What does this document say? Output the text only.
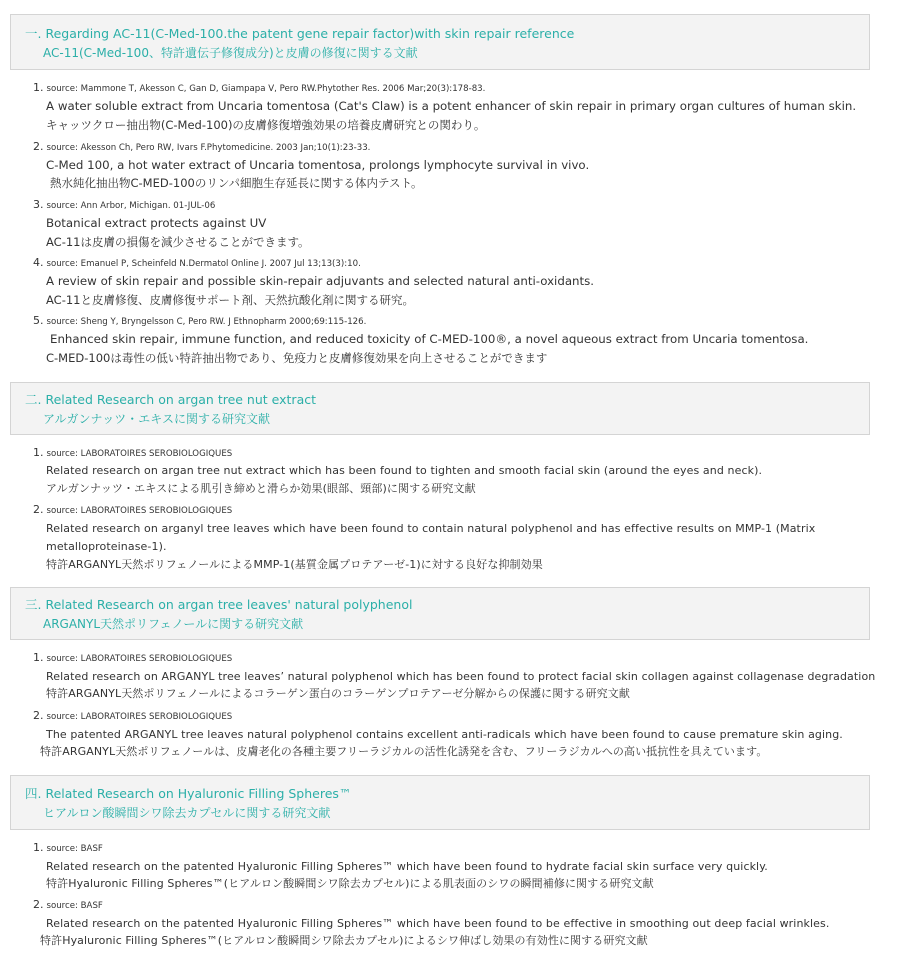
一. Regarding AC-11(C-Med-100.the patent gene repair factor)with skin repair reference
AC-11(C-Med-100、特許遺伝子修復成分)と皮膚の修復に関する文献
1. source: Mammone T, Akesson C, Gan D, Giampapa V, Pero RW.Phytother Res. 2006 Mar;20(3):178-83.
A water soluble extract from Uncaria tomentosa (Cat's Claw) is a potent enhancer of skin repair in primary organ cultures of human skin.
キャッツクロー抽出物(C-Med-100)の皮膚修復増強効果の培養皮膚研究との関わり。
2. source: Akesson Ch, Pero RW, Ivars F.Phytomedicine. 2003 Jan;10(1):23-33.
C-Med 100, a hot water extract of Uncaria tomentosa, prolongs lymphocyte survival in vivo.
熱水純化抽出物C-MED-100のリンパ細胞生存延長に関する体内テスト。
3. source: Ann Arbor, Michigan. 01-JUL-06
Botanical extract protects against UV
AC-11は皮膚の損傷を減少させることができます。
4. source: Emanuel P, Scheinfeld N.Dermatol Online J. 2007 Jul 13;13(3):10.
A review of skin repair and possible skin-repair adjuvants and selected natural anti-oxidants.
AC-11と皮膚修復、皮膚修復サポート剤、天然抗酸化剤に関する研究。
5. source: Sheng Y, Bryngelsson C, Pero RW. J Ethnopharm 2000;69:115-126.
Enhanced skin repair, immune function, and reduced toxicity of C-MED-100®, a novel aqueous extract from Uncaria tomentosa.
C-MED-100は毒性の低い特許抽出物であり、免疫力と皮膚修復効果を向上させることができます
二. Related Research on argan tree nut extract
アルガンナッツ・エキスに関する研究文献
1. source: LABORATOIRES SEROBIOLOGIQUES
Related research on argan tree nut extract which has been found to tighten and smooth facial skin (around the eyes and neck).
アルガンナッツ・エキスによる肌引き締めと滑らか効果(眼部、頸部)に関する研究文献
2. source: LABORATOIRES SEROBIOLOGIQUES
Related research on arganyl tree leaves which have been found to contain natural polyphenol and has effective results on MMP-1 (Matrix
metalloproteinase-1).
特許ARGANYL天然ポリフェノールによるMMP-1(基質金属プロテアーゼ-1)に対する良好な抑制効果
三. Related Research on argan tree leaves' natural polyphenol
ARGANYL天然ポリフェノールに関する研究文献
1. source: LABORATOIRES SEROBIOLOGIQUES
Related research on ARGANYL tree leaves’ natural polyphenol which has been found to protect facial skin collagen against collagenase degradation
特許ARGANYL天然ポリフェノールによるコラーゲン蛋白のコラーゲンプロテアーゼ分解からの保護に関する研究文献
2. source: LABORATOIRES SEROBIOLOGIQUES
The patented ARGANYL tree leaves natural polyphenol contains excellent anti-radicals which have been found to cause premature skin aging.
特許ARGANYL天然ポリフェノールは、皮膚老化の各種主要フリーラジカルの活性化誘発を含む、フリーラジカルへの高い抵抗性を具えています。
四. Related Research on Hyaluronic Filling Spheres™
ヒアルロン酸瞬間シワ除去カプセルに関する研究文献
1. source: BASF
Related research on the patented Hyaluronic Filling Spheres™ which have been found to hydrate facial skin surface very quickly.
特許Hyaluronic Filling Spheres™(ヒアルロン酸瞬間シワ除去カプセル)による肌表面のシワの瞬間補修に関する研究文献
2. source: BASF
Related research on the patented Hyaluronic Filling Spheres™ which have been found to be effective in smoothing out deep facial wrinkles.
特許Hyaluronic Filling Spheres™(ヒアルロン酸瞬間シワ除去カプセル)によるシワ伸ばし効果の有効性に関する研究文献
